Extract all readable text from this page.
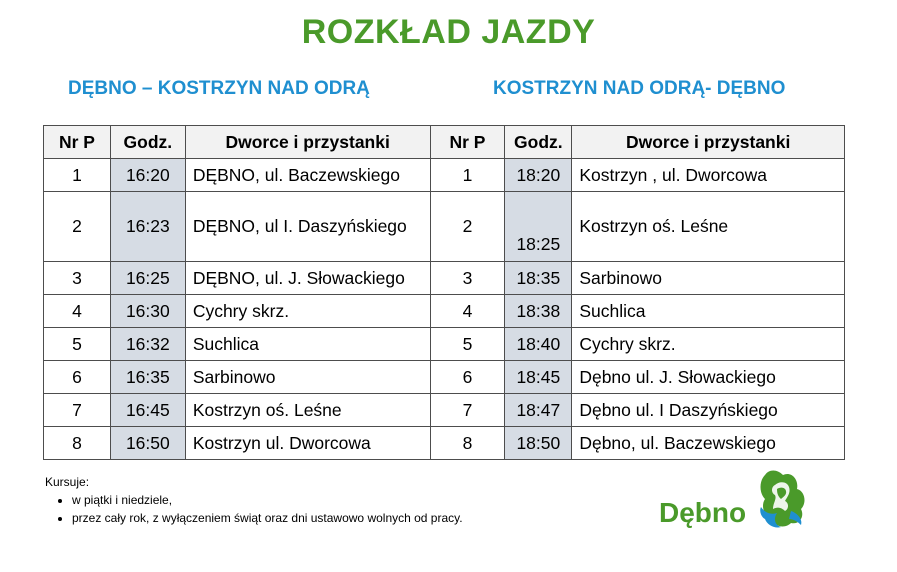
ROZKŁAD JAZDY
DĘBNO – KOSTRZYN NAD ODRĄ	KOSTRZYN NAD ODRĄ- DĘBNO
Nr P	Godz.	Dworce i przystanki	Nr P	Godz.	Dworce i przystanki
1	16:20	DĘBNO, ul. Baczewskiego	1	18:20	Kostrzyn , ul. Dworcowa
2	16:23	DĘBNO, ul I. Daszyńskiego	2	18:25	Kostrzyn oś. Leśne
3	16:25	DĘBNO, ul. J. Słowackiego	3	18:35	Sarbinowo
4	16:30	Cychry skrz.	4	18:38	Suchlica
5	16:32	Suchlica	5	18:40	Cychry skrz.
6	16:35	Sarbinowo	6	18:45	Dębno ul. J. Słowackiego
7	16:45	Kostrzyn oś. Leśne	7	18:47	Dębno ul. I Daszyńskiego
8	16:50	Kostrzyn ul. Dworcowa	8	18:50	Dębno, ul. Baczewskiego
Kursuje:
• w piątki i niedziele,
• przez cały rok, z wyłączeniem świąt oraz dni ustawowo wolnych od pracy.	Dębno
